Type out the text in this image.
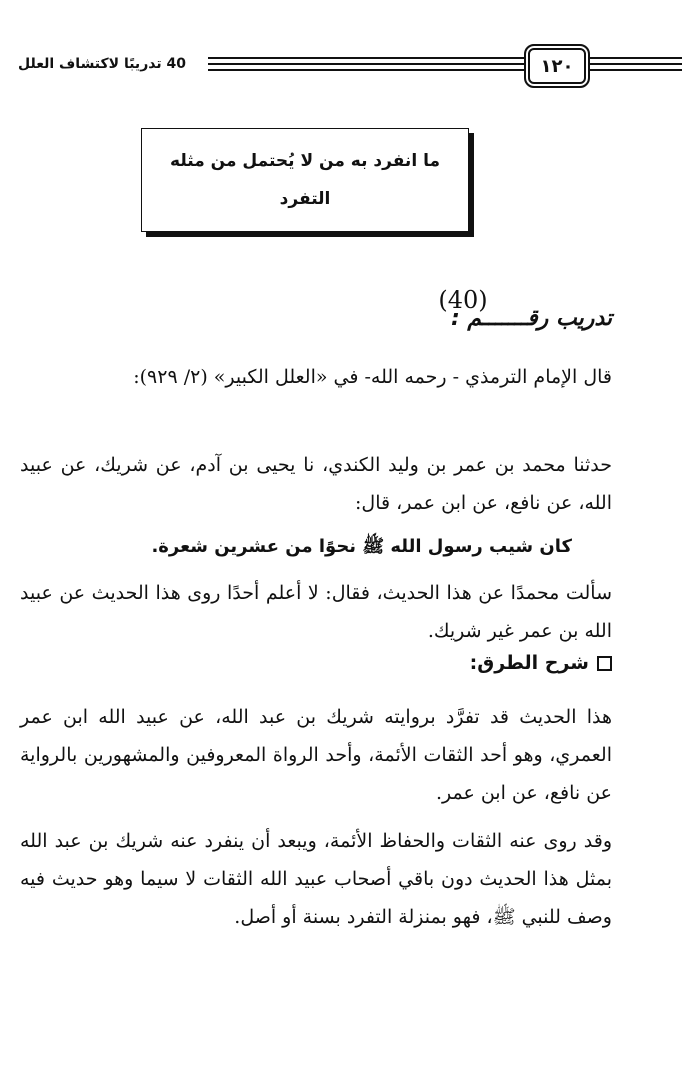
١٢٠
40 تدريبًا لاكتشاف العلل
ما انفرد به من لا يُحتمل من مثله
التفرد
(40)
تدريب رقـــــــم :

قال الإمام الترمذي - رحمه الله- في «العلل الكبير» (٢/ ٩٢٩):

حدثنا محمد بن عمر بن وليد الكندي، نا يحيى بن آدم، عن شريك، عن عبيد الله، عن نافع، عن ابن عمر، قال:

كان شيب رسول الله ﷺ نحوًا من عشرين شعرة.

سألت محمدًا عن هذا الحديث، فقال: لا أعلم أحدًا روى هذا الحديث عن عبيد الله بن عمر غير شريك.

شرح الطرق:

هذا الحديث قد تفرَّد بروايته شريك بن عبد الله، عن عبيد الله ابن عمر العمري، وهو أحد الثقات الأئمة، وأحد الرواة المعروفين والمشهورين بالرواية عن نافع، عن ابن عمر.

وقد روى عنه الثقات والحفاظ الأئمة، ويبعد أن ينفرد عنه شريك بن عبد الله بمثل هذا الحديث دون باقي أصحاب عبيد الله الثقات لا سيما وهو حديث فيه وصف للنبي ﷺ، فهو بمنزلة التفرد بسنة أو أصل.
